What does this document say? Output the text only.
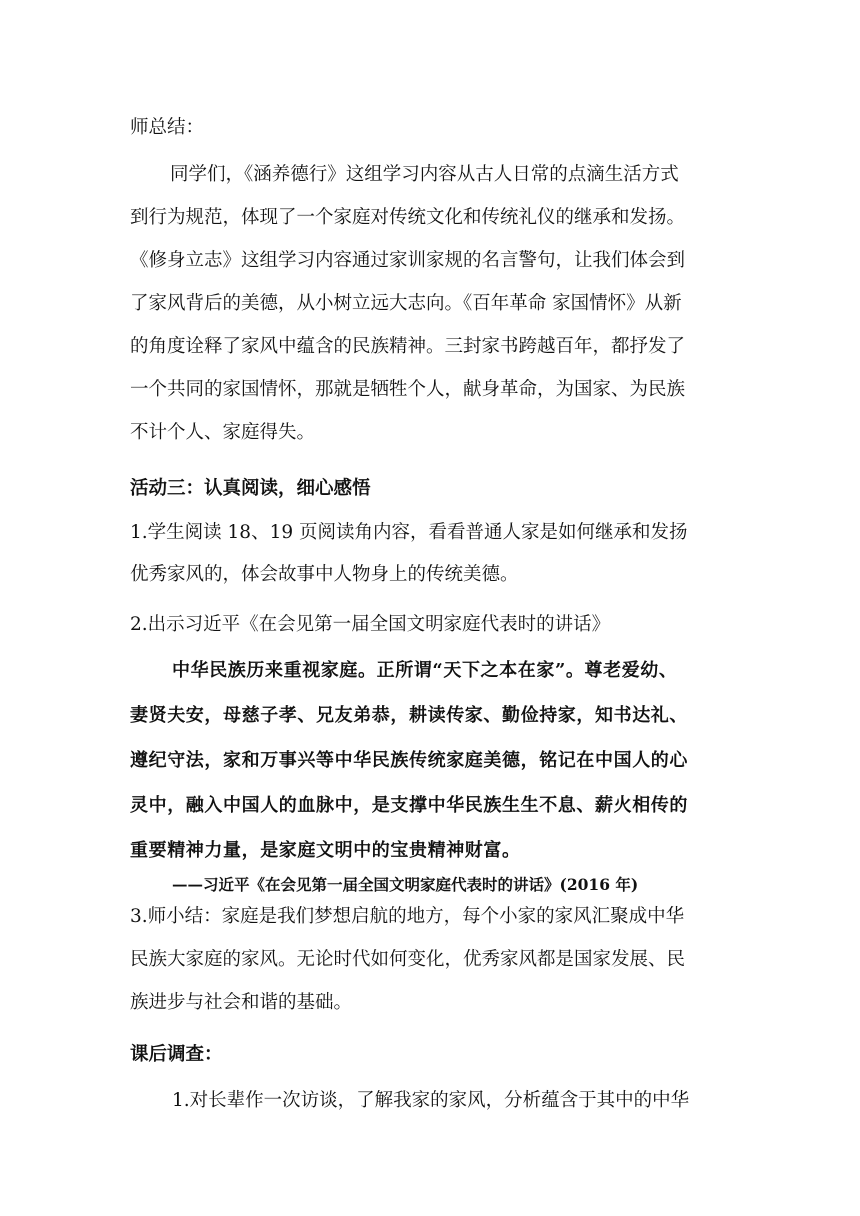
师总结：

同学们，《涵养德行》这组学习内容从古人日常的点滴生活方式

到行为规范，体现了一个家庭对传统文化和传统礼仪的继承和发扬。

《修身立志》这组学习内容通过家训家规的名言警句，让我们体会到

了家风背后的美德，从小树立远大志向。《百年革命 家国情怀》从新

的角度诠释了家风中蕴含的民族精神。三封家书跨越百年，都抒发了

一个共同的家国情怀，那就是牺牲个人，献身革命，为国家、为民族

不计个人、家庭得失。

活动三：认真阅读，细心感悟

1.学生阅读 18、19 页阅读角内容，看看普通人家是如何继承和发扬

优秀家风的，体会故事中人物身上的传统美德。

2.出示习近平《在会见第一届全国文明家庭代表时的讲话》

中华民族历来重视家庭。正所谓“天下之本在家”。尊老爱幼、

妻贤夫安，母慈子孝、兄友弟恭，耕读传家、勤俭持家，知书达礼、

遵纪守法，家和万事兴等中华民族传统家庭美德，铭记在中国人的心

灵中，融入中国人的血脉中，是支撑中华民族生生不息、薪火相传的

重要精神力量，是家庭文明中的宝贵精神财富。

——习近平《在会见第一届全国文明家庭代表时的讲话》(2016 年)

3.师小结：家庭是我们梦想启航的地方，每个小家的家风汇聚成中华

民族大家庭的家风。无论时代如何变化，优秀家风都是国家发展、民

族进步与社会和谐的基础。

课后调查：

1.对长辈作一次访谈，了解我家的家风，分析蕴含于其中的中华
